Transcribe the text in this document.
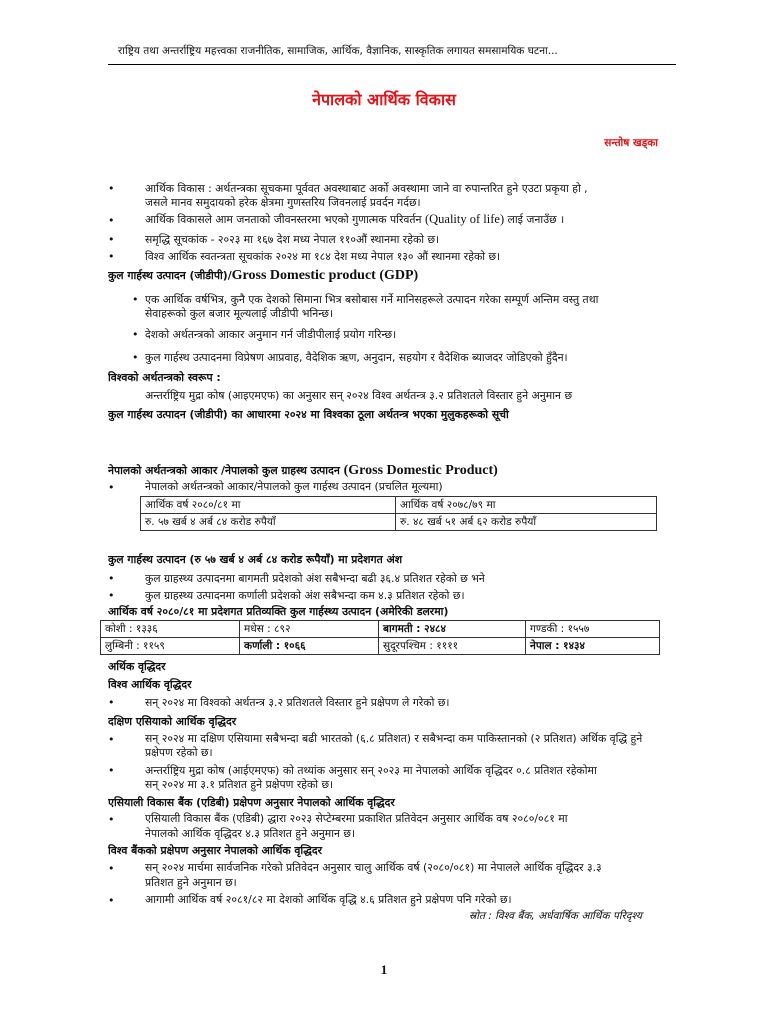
राष्ट्रिय तथा अन्तर्राष्ट्रिय महत्त्वका राजनीतिक, सामाजिक, आर्थिक, वैज्ञानिक, सास्कृतिक लगायत समसामयिक घटना...
नेपालको आर्थिक विकास
सन्तोष खड्का
•	आर्थिक विकास : अर्थतन्त्रका सूचकमा पूर्ववत अवस्थाबाट अर्को अवस्थामा जाने वा रुपान्तरित हुने एउटा प्रकृया हो ,
जसले मानव समुदायको हरेक क्षेत्रमा गुणस्तरिय जिवनलाई प्रवर्दन गर्दछ।
•	आर्थिक विकासले आम जनताको जीवनस्तरमा भएको गुणात्मक परिवर्तन (Quality of life) लाई जनाउँछ ।
•	समृद्धि सूचकांक - २०२३ मा १६७ देश मध्य नेपाल ११०औं स्थानमा रहेको छ।
•	विश्व आर्थिक स्वतन्त्रता सूचकांक २०२४ मा १८४ देश मध्य नेपाल १३० औं स्थानमा रहेको छ।
कुल गार्हस्थ उत्पादन (जीडीपी)/Gross Domestic product (GDP)
• एक आर्थिक वर्षभित्र, कुनै एक देशको सिमाना भित्र बसोबास गर्ने मानिसहरूले उत्पादन गरेका सम्पूर्ण अन्तिम वस्तु तथा
सेवाहरूको कुल बजार मूल्यलाई जीडीपी भनिन्छ।
• देशको अर्थतन्त्रको आकार अनुमान गर्न जीडीपीलाई प्रयोग गरिन्छ।
• कुल गार्हस्थ उत्पादनमा विप्रेषण आप्रवाह, वैदेशिक ऋण, अनुदान, सहयोग र वैदेशिक ब्याजदर जोडिएको हुँदैन।
विश्वको अर्थतन्त्रको स्वरूप :
अन्तर्राष्ट्रिय मुद्रा कोष (आइएमएफ) का अनुसार सन् २०२४ विश्व अर्थतन्त्र ३.२ प्रतिशतले विस्तार हुने अनुमान छ
कुल गार्हस्थ उत्पादन (जीडीपी) का आधारमा २०२४ मा विश्वका ठूला अर्थतन्त्र भएका मुलुकहरूको सूची
नेपालको अर्थतन्त्रको आकार /नेपालको कुल ग्राहस्थ उत्पादन (Gross Domestic Product)
•	नेपालको अर्थतन्त्रको आकार/नेपालको कुल गार्हस्थ उत्पादन (प्रचलित मूल्यमा)
आर्थिक वर्ष २०८०/८१ मा	आर्थिक वर्ष २०७८/७९ मा
रु. ५७ खर्ब ४ अर्ब ८४ करोड रुपैयाँ	रु. ४८ खर्ब ५१ अर्ब ६२ करोड रुपैयाँ
कुल गार्हस्थ उत्पादन (रु ५७ खर्ब ४ अर्ब ८४ करोड रूपैयाँ) मा प्रदेशगत अंश
•	कुल ग्राहस्थ्य उत्पादनमा बागमती प्रदेशको अंश सबैभन्दा बढी ३६.४ प्रतिशत रहेको छ भने
•	कुल ग्राहस्थ्य उत्पादनमा कर्णाली प्रदेशको अंश सबैभन्दा कम ४.३ प्रतिशत रहेको छ।
आर्थिक वर्ष २०८०/८१ मा प्रदेशगत प्रतिव्यक्ति कुल गार्हस्थ्य उत्पादन (अमेरिकी डलरमा)
कोशी : १३३६	मधेस : ८९२	बागमती : २४८४	गण्डकी : १५५७
लुम्बिनी : ११५९	कर्णाली : १०६६	सुदूरपश्चिम : ११११	नेपाल : १४३४
अर्थिक वृद्धिदर
विश्व आर्थिक वृद्धिदर
•	सन् २०२४ मा विश्वको अर्थतन्त्र ३.२ प्रतिशतले विस्तार हुने प्रक्षेपण ले गरेको छ।
दक्षिण एसियाको आर्थिक वृद्धिदर
•	सन् २०२४ मा दक्षिण एसियामा सबैभन्दा बढी भारतको (६.८ प्रतिशत) र सबैभन्दा कम पाकिस्तानको (२ प्रतिशत) अर्थिक वृद्धि हुने
प्रक्षेपण रहेको छ।
•	अन्तर्राष्ट्रिय मुद्रा कोष (आईएमएफ) को तथ्यांक अनुसार सन् २०२३ मा नेपालको आर्थिक वृद्धिदर ०.८ प्रतिशत रहेकोमा
सन् २०२४ मा ३.१ प्रतिशत हुने प्रक्षेपण रहेको छ।
एसियाली विकास बैंक (एडिबी) प्रक्षेपण अनुसार नेपालको आर्थिक वृद्धिदर
•	एसियाली विकास बैंक (एडिबी) द्धारा २०२३ सेप्टेम्बरमा प्रकाशित प्रतिवेदन अनुसार आर्थिक वष २०८०/०८१ मा
नेपालको आर्थिक वृद्धिदर ४.३ प्रतिशत हुने अनुमान छ।
विश्व बैंकको प्रक्षेपण अनुसार नेपालको आर्थिक वृद्धिदर
•	सन् २०२४ मार्चमा सार्वजनिक गरेको प्रतिवेदन अनुसार चालु आर्थिक वर्ष (२०८०/०८१) मा नेपालले आर्थिक वृद्धिदर ३.३
प्रतिशत हुने अनुमान छ।
•	आगामी आर्थिक वर्ष २०८१/८२ मा देशको आर्थिक वृद्धि ४.६ प्रतिशत हुने प्रक्षेपण पनि गरेको छ।
स्रोत : विश्व बैंक, अर्धवार्षिक आर्थिक परिदृश्य
1
